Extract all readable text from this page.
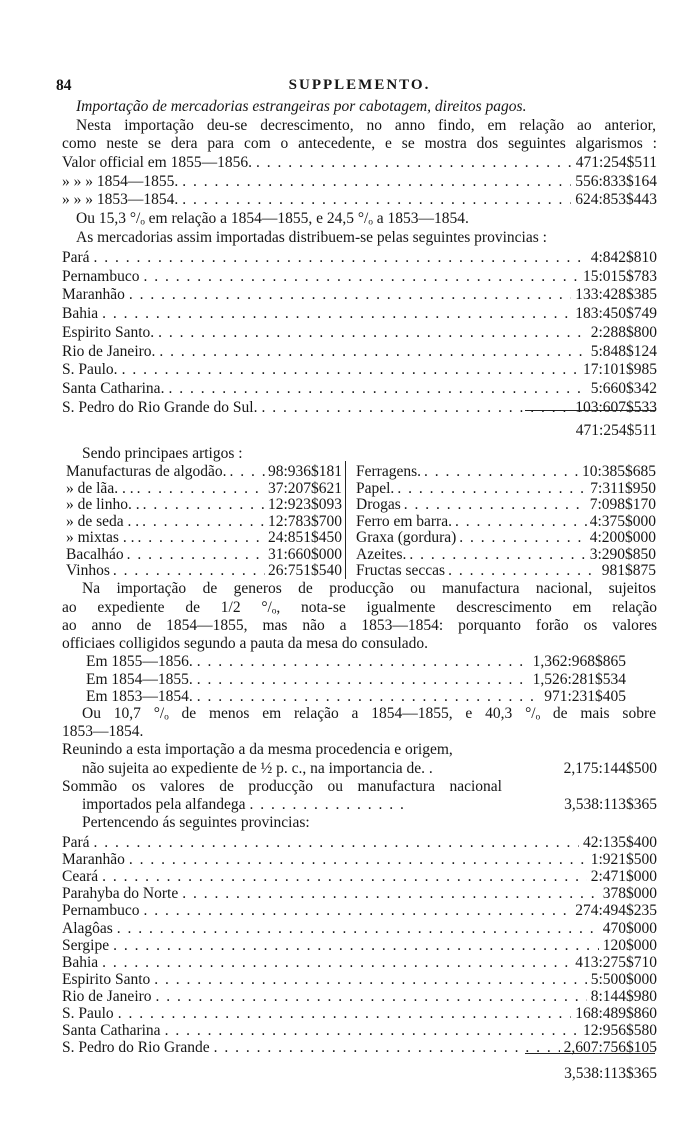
84	SUPPLEMENTO.
Importação de mercadorias estrangeiras por cabotagem, direitos pagos.
Nesta importação deu-se decrescimento, no anno findo, em relação ao anterior,
como neste se dera para com o antecedente, e se mostra dos seguintes algarismos :
Valor official em 1855—1856. . . .	471:254$511
» » » 1854—1855. . . .	556:833$164
» » » 1853—1854. . . .	624:853$443
Ou 15,3 °/ₒ em relação a 1854—1855, e 24,5 °/ₒ a 1853—1854.
As mercadorias assim importadas distribuem-se pelas seguintes provincias :
Pará . . .	4:842$810
Pernambuco . . .	15:015$783
Maranhão . . .	133:428$385
Bahia . . .	183:450$749
Espirito Santo. . . .	2:288$800
Rio de Janeiro. . . .	5:848$124
S. Paulo. . . .	17:101$985
Santa Catharina. . . .	5:660$342
S. Pedro do Rio Grande do Sul. . . .	103:607$533
471:254$511
Sendo principaes artigos :
Manufacturas de algodão. . . .	98:936$181
» de lãa. . . . . .	37:207$621
» de linho. . . . .	12:923$093
» de seda . . . . .	12:783$700
» mixtas . . . . .	24:851$450
Bacalháo . . .	31:660$000
Vinhos . . .	26:751$540
Ferragens. . . .	10:385$685
Papel. . . .	7:311$950
Drogas . . .	7:098$170
Ferro em barra. . . .	4:375$000
Graxa (gordura) . . .	4:200$000
Azeites. . . .	3:290$850
Fructas seccas . . .	981$875
Na importação de generos de producção ou manufactura nacional, sujeitos
ao expediente de 1/2 °/ₒ, nota-se igualmente descrescimento em relação
ao anno de 1854—1855, mas não a 1853—1854: porquanto forão os valores
officiaes colligidos segundo a pauta da mesa do consulado.
Em 1855—1856. . . .	1,362:968$865
Em 1854—1855. . . .	1,526:281$534
Em 1853—1854. . . .	971:231$405
Ou 10,7 °/ₒ de menos em relação a 1854—1855, e 40,3 °/ₒ de mais sobre
1853—1854.
Reunindo a esta importação a da mesma procedencia e origem,
não sujeita ao expediente de ½ p. c., na importancia de. .	2,175:144$500
Sommão os valores de producção ou manufactura nacional
importados pela alfandega . . .	3,538:113$365
Pertencendo ás seguintes provincias:
Pará . . .	42:135$400
Maranhão . . .	1:921$500
Ceará . . .	2:471$000
Parahyba do Norte . . .	378$000
Pernambuco . . .	274:494$235
Alagôas . . .	470$000
Sergipe . . .	120$000
Bahia . . .	413:275$710
Espirito Santo . . .	5:500$000
Rio de Janeiro . . .	8:144$980
S. Paulo . . .	168:489$860
Santa Catharina . . .	12:956$580
S. Pedro do Rio Grande . . .	2,607:756$105
3,538:113$365
